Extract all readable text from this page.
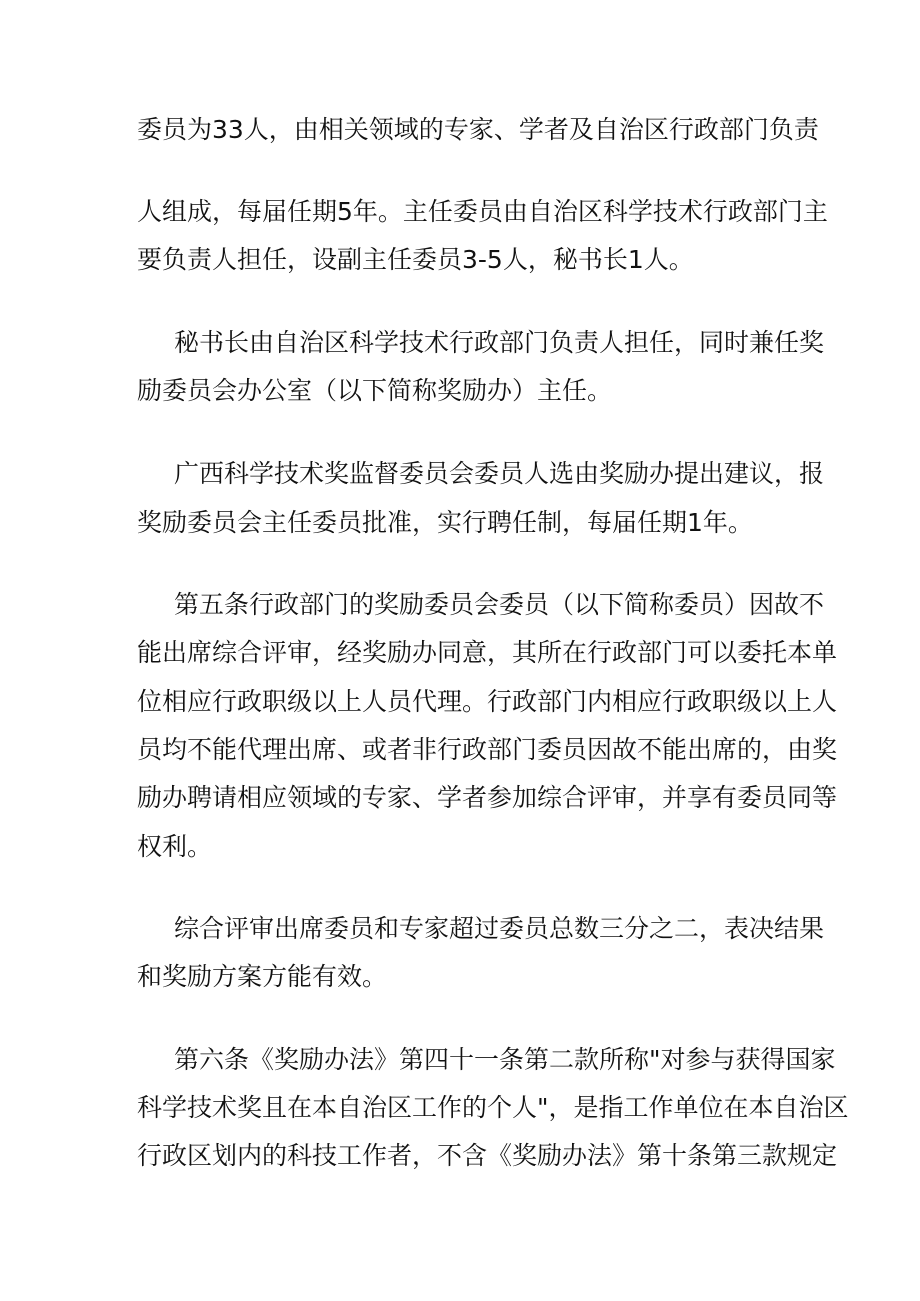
委员为33人，由相关领域的专家、学者及自治区行政部门负责

人组成，每届任期5年。主任委员由自治区科学技术行政部门主

要负责人担任，设副主任委员3-5人，秘书长1人。

秘书长由自治区科学技术行政部门负责人担任，同时兼任奖

励委员会办公室（以下简称奖励办）主任。

广西科学技术奖监督委员会委员人选由奖励办提出建议，报

奖励委员会主任委员批准，实行聘任制，每届任期1年。

第五条行政部门的奖励委员会委员（以下简称委员）因故不

能出席综合评审，经奖励办同意，其所在行政部门可以委托本单

位相应行政职级以上人员代理。行政部门内相应行政职级以上人

员均不能代理出席、或者非行政部门委员因故不能出席的，由奖

励办聘请相应领域的专家、学者参加综合评审，并享有委员同等

权利。

综合评审出席委员和专家超过委员总数三分之二，表决结果

和奖励方案方能有效。

第六条《奖励办法》第四十一条第二款所称"对参与获得国家

科学技术奖且在本自治区工作的个人"，是指工作单位在本自治区

行政区划内的科技工作者，不含《奖励办法》第十条第三款规定
